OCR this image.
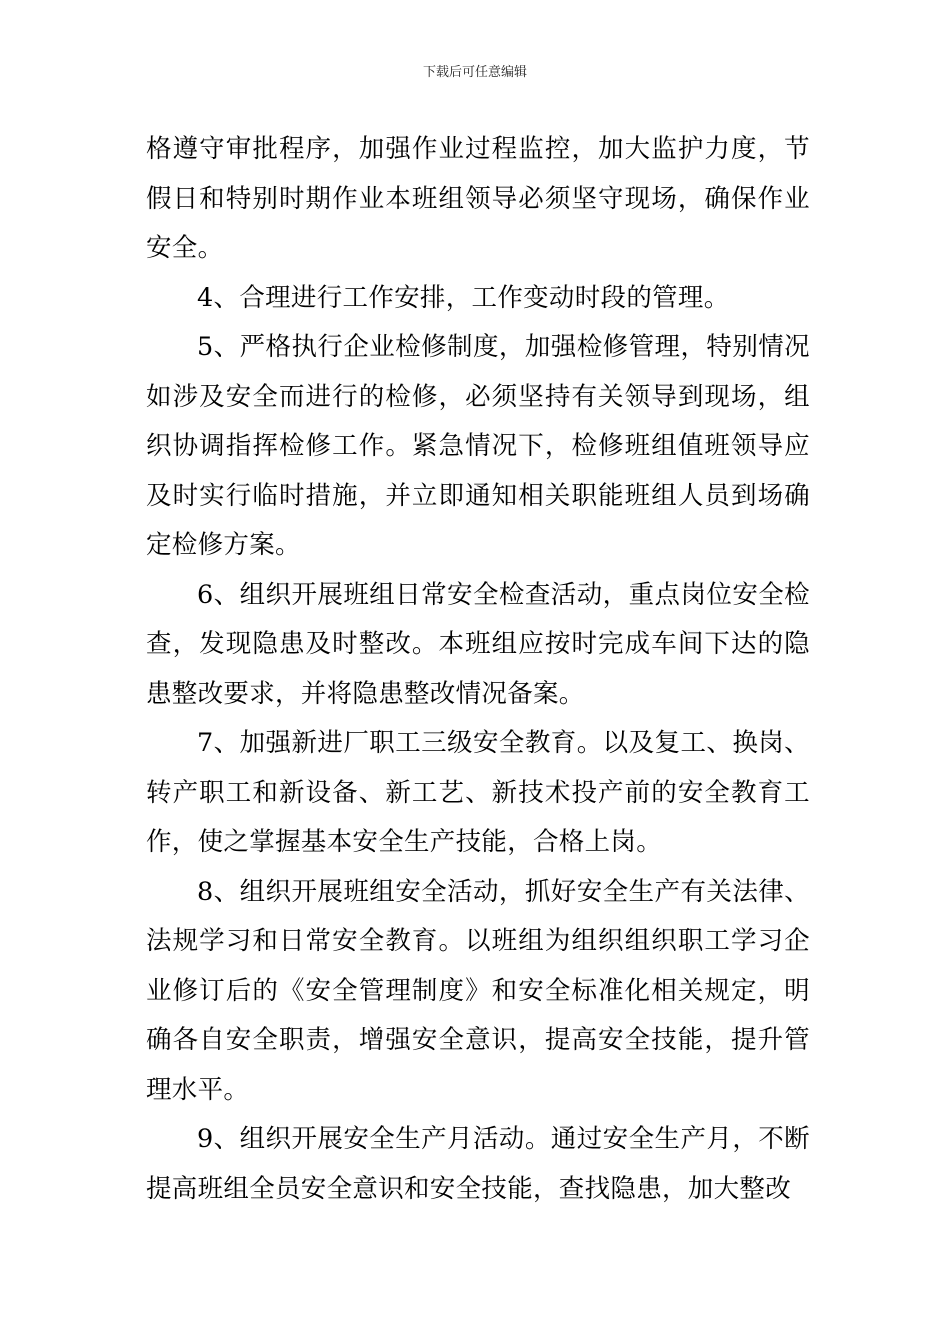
下载后可任意编辑

格遵守审批程序，加强作业过程监控，加大监护力度，节假日和特别时期作业本班组领导必须坚守现场，确保作业安全。

4、合理进行工作安排，工作变动时段的管理。

5、严格执行企业检修制度，加强检修管理，特别情况如涉及安全而进行的检修，必须坚持有关领导到现场，组织协调指挥检修工作。紧急情况下，检修班组值班领导应及时实行临时措施，并立即通知相关职能班组人员到场确定检修方案。

6、组织开展班组日常安全检查活动，重点岗位安全检查，发现隐患及时整改。本班组应按时完成车间下达的隐患整改要求，并将隐患整改情况备案。

7、加强新进厂职工三级安全教育。以及复工、换岗、转产职工和新设备、新工艺、新技术投产前的安全教育工作，使之掌握基本安全生产技能，合格上岗。

8、组织开展班组安全活动，抓好安全生产有关法律、法规学习和日常安全教育。以班组为组织组织职工学习企业修订后的《安全管理制度》和安全标准化相关规定，明确各自安全职责，增强安全意识，提高安全技能，提升管理水平。

9、组织开展安全生产月活动。通过安全生产月，不断提高班组全员安全意识和安全技能，查找隐患，加大整改
